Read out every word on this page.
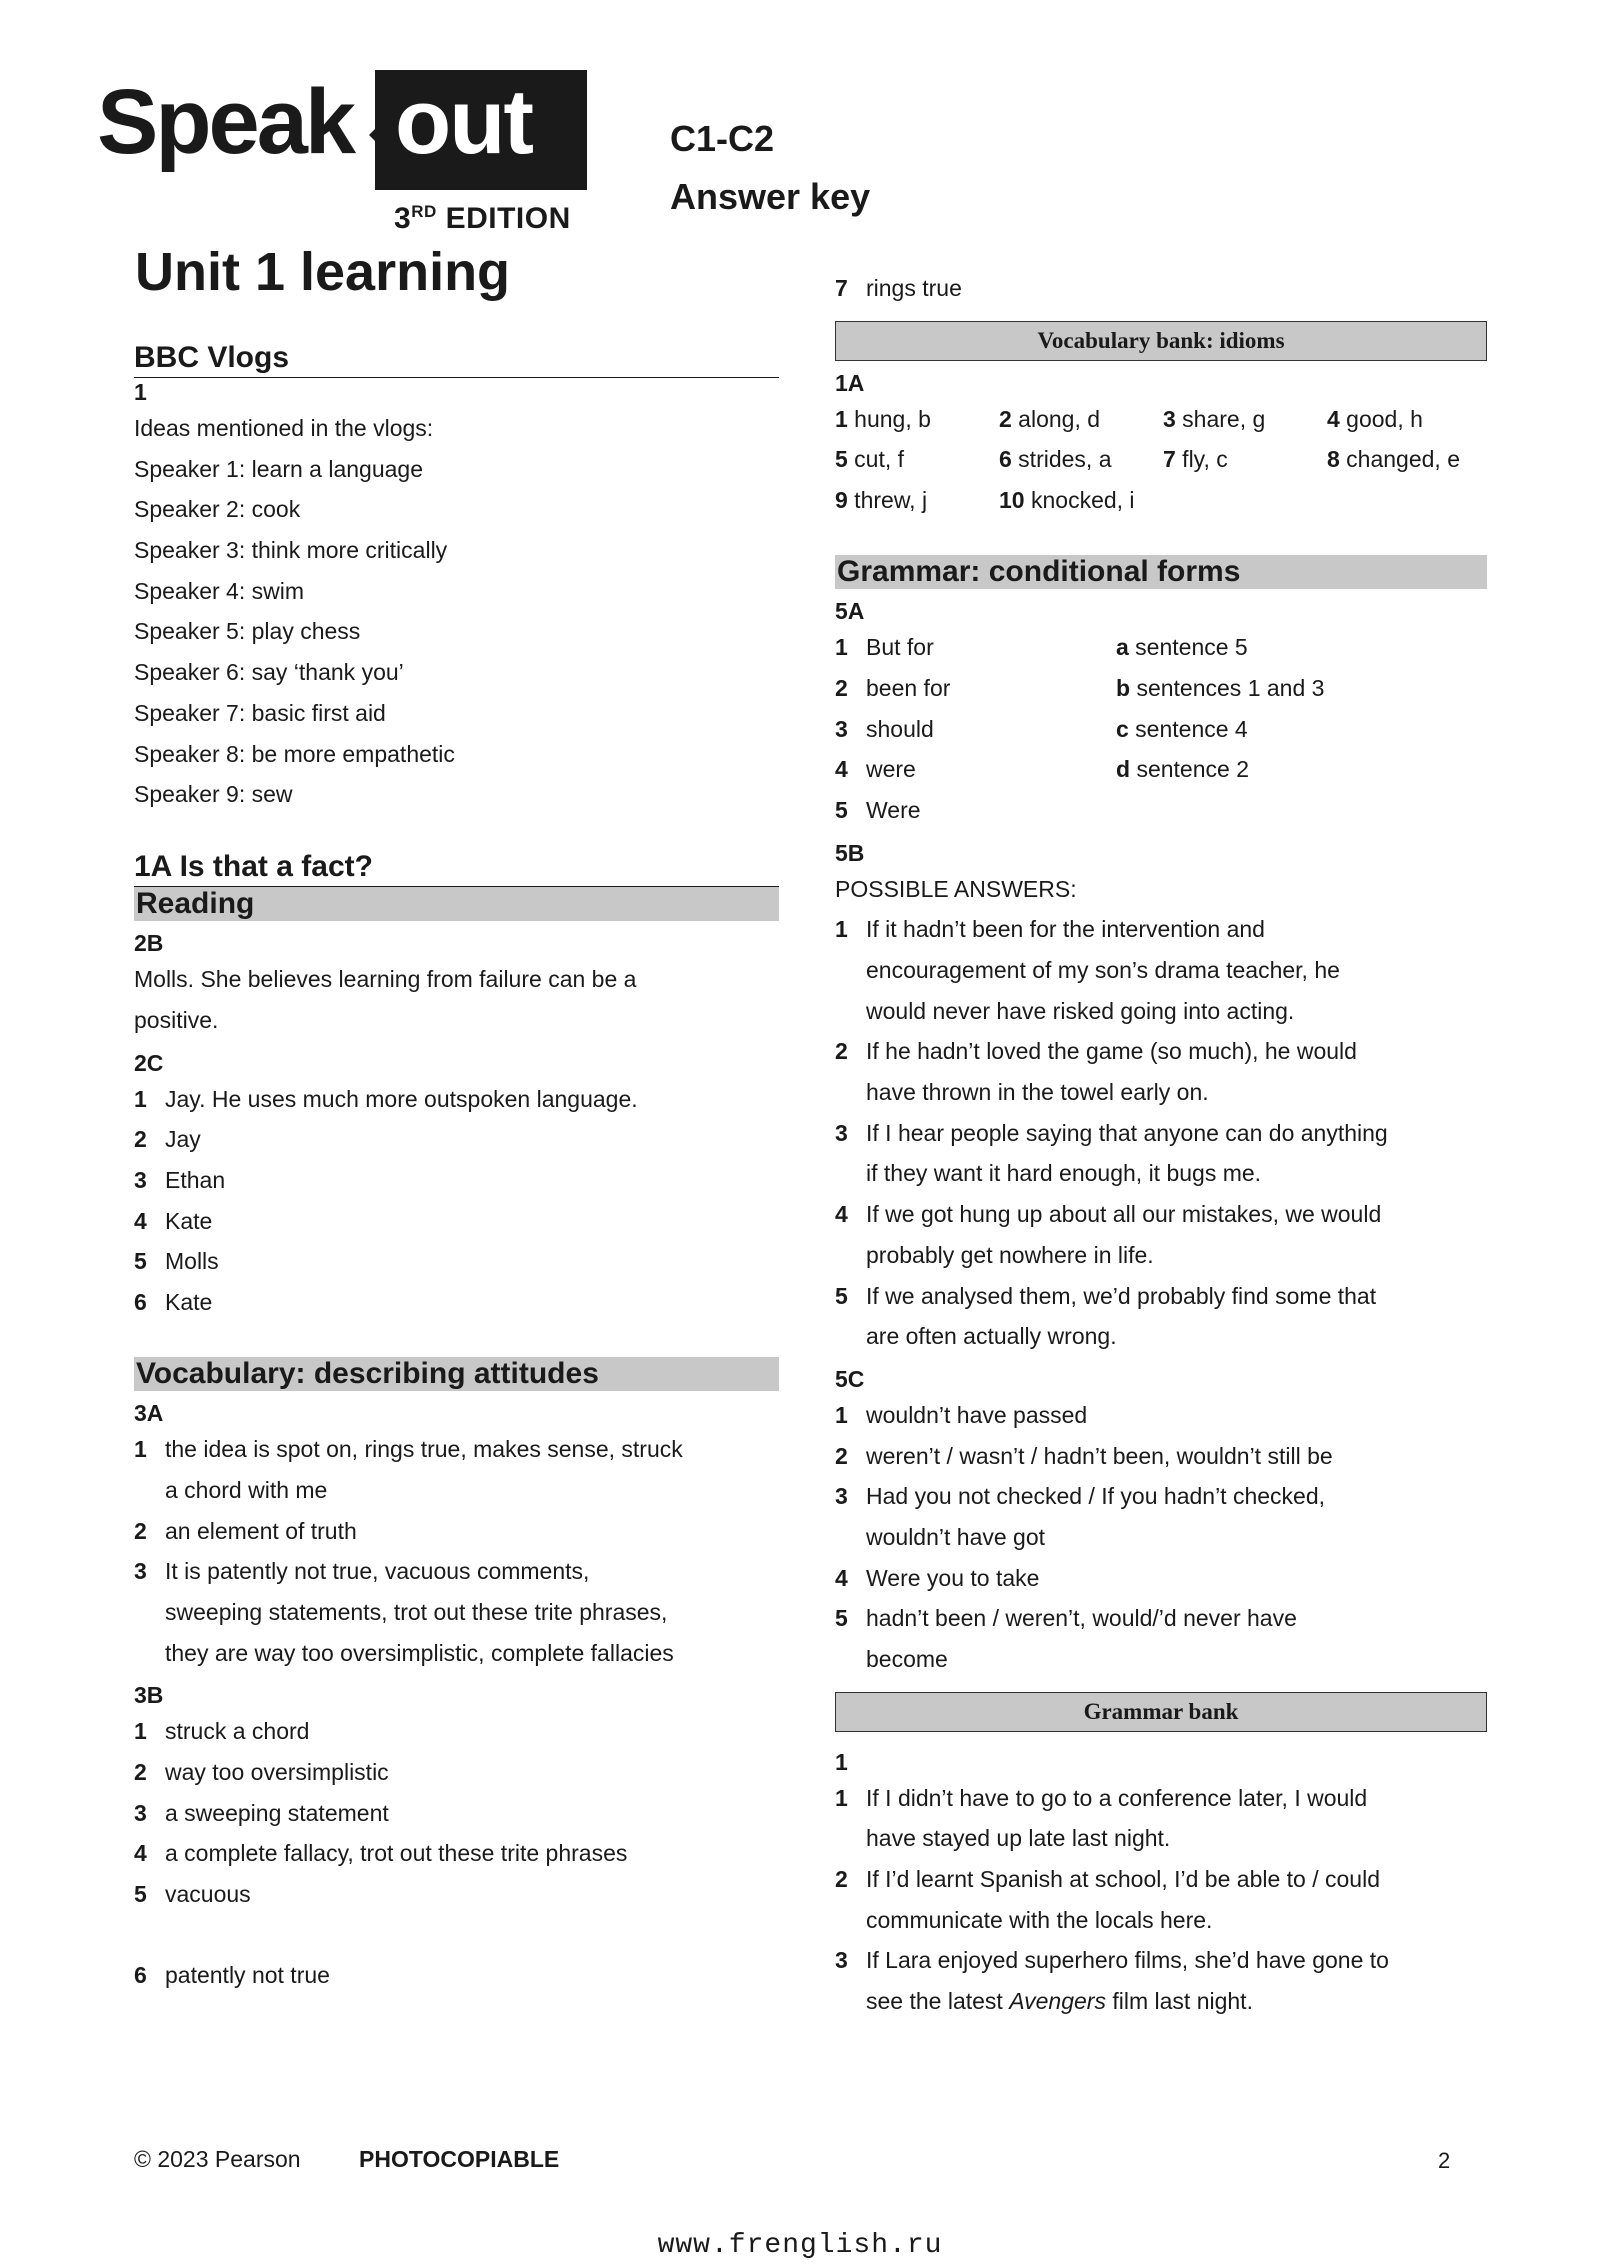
Speak out
3RD EDITION
C1-C2
Answer key
Unit 1 learning
BBC Vlogs
1
Ideas mentioned in the vlogs:
Speaker 1: learn a language
Speaker 2: cook
Speaker 3: think more critically
Speaker 4: swim
Speaker 5: play chess
Speaker 6: say ‘thank you’
Speaker 7: basic first aid
Speaker 8: be more empathetic
Speaker 9: sew
1A Is that a fact?
Reading
2B
Molls. She believes learning from failure can be a
positive.
2C
1 Jay. He uses much more outspoken language.
2 Jay
3 Ethan
4 Kate
5 Molls
6 Kate
Vocabulary: describing attitudes
3A
1 the idea is spot on, rings true, makes sense, struck
a chord with me
2 an element of truth
3 It is patently not true, vacuous comments,
sweeping statements, trot out these trite phrases,
they are way too oversimplistic, complete fallacies
3B
1 struck a chord
2 way too oversimplistic
3 a sweeping statement
4 a complete fallacy, trot out these trite phrases
5 vacuous
6 patently not true
7 rings true
Vocabulary bank: idioms
1A
1 hung, b	2 along, d	3 share, g	4 good, h
5 cut, f	6 strides, a	7 fly, c	8 changed, e
9 threw, j	10 knocked, i
Grammar: conditional forms
5A
1 But for	a sentence 5
2 been for	b sentences 1 and 3
3 should	c sentence 4
4 were	d sentence 2
5 Were
5B
POSSIBLE ANSWERS:
1 If it hadn’t been for the intervention and
encouragement of my son’s drama teacher, he
would never have risked going into acting.
2 If he hadn’t loved the game (so much), he would
have thrown in the towel early on.
3 If I hear people saying that anyone can do anything
if they want it hard enough, it bugs me.
4 If we got hung up about all our mistakes, we would
probably get nowhere in life.
5 If we analysed them, we’d probably find some that
are often actually wrong.
5C
1 wouldn’t have passed
2 weren’t / wasn’t / hadn’t been, wouldn’t still be
3 Had you not checked / If you hadn’t checked,
wouldn’t have got
4 Were you to take
5 hadn’t been / weren’t, would/’d never have
become
Grammar bank
1
1 If I didn’t have to go to a conference later, I would
have stayed up late last night.
2 If I’d learnt Spanish at school, I’d be able to / could
communicate with the locals here.
3 If Lara enjoyed superhero films, she’d have gone to
see the latest Avengers film last night.
© 2023 Pearson	PHOTOCOPIABLE	2
www.frenglish.ru
